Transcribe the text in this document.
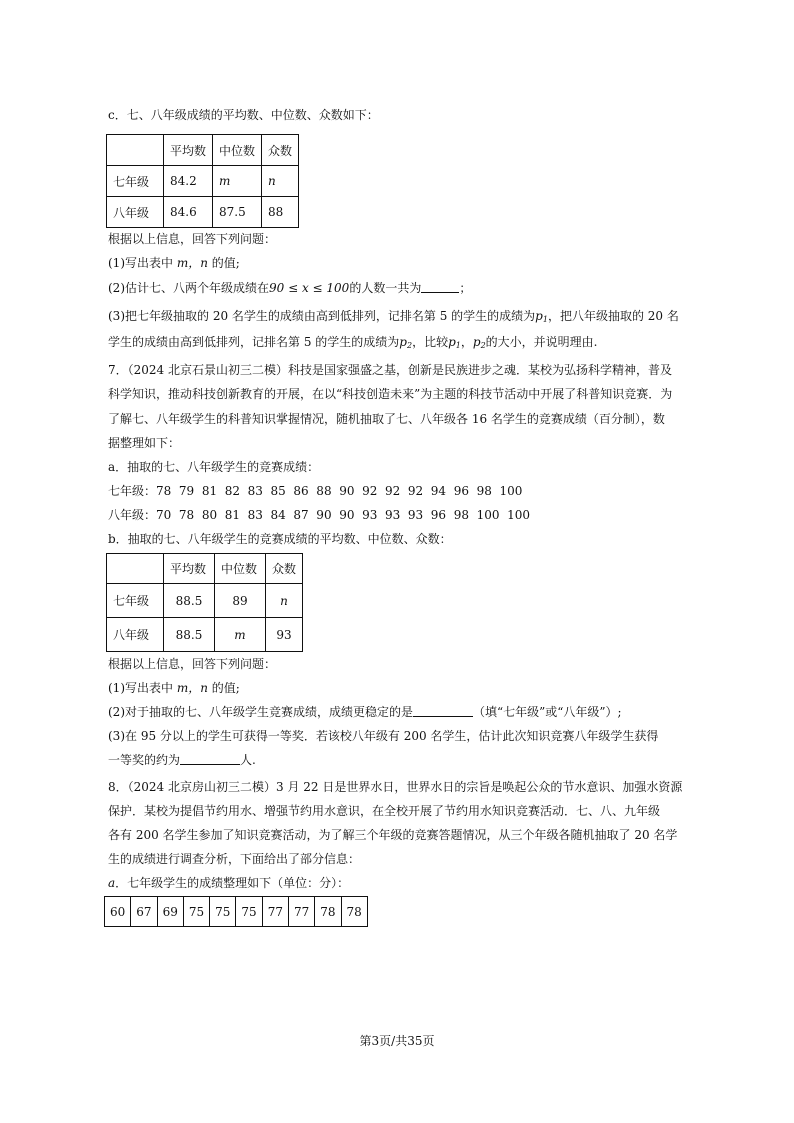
c．七、八年级成绩的平均数、中位数、众数如下：
	平均数	中位数	众数
七年级	84.2	m	n
八年级	84.6	87.5	88
根据以上信息，回答下列问题：
(1)写出表中 m，n 的值;
(2)估计七、八两个年级成绩在90 ≤ x ≤ 100的人数一共为	；
(3)把七年级抽取的 20 名学生的成绩由高到低排列，记排名第 5 的学生的成绩为$p_1$，把八年级抽取的 20 名
学生的成绩由高到低排列，记排名第 5 的学生的成绩为$p_2$，比较$p_1$，$p_2$的大小，并说明理由.
7．（2024 北京石景山初三二模）科技是国家强盛之基，创新是民族进步之魂．某校为弘扬科学精神，普及
科学知识，推动科技创新教育的开展，在以“科技创造未来”为主题的科技节活动中开展了科普知识竞赛．为
了解七、八年级学生的科普知识掌握情况，随机抽取了七、八年级各 16 名学生的竞赛成绩（百分制），数
据整理如下：
a．抽取的七、八年级学生的竞赛成绩：
七年级：78  79  81  82  83  85  86  88  90  92  92  92  94  96  98  100
八年级：70  78  80  81  83  84  87  90  90  93  93  93  96  98  100  100
b．抽取的七、八年级学生的竞赛成绩的平均数、中位数、众数：
	平均数	中位数	众数
七年级	88.5	89	n
八年级	88.5	m	93
根据以上信息，回答下列问题：
(1)写出表中 m，n 的值;
(2)对于抽取的七、八年级学生竞赛成绩，成绩更稳定的是	（填“七年级”或“八年级”）;
(3)在 95 分以上的学生可获得一等奖．若该校八年级有 200 名学生，估计此次知识竞赛八年级学生获得
一等奖的约为	人.
8．（2024 北京房山初三二模）3 月 22 日是世界水日，世界水日的宗旨是唤起公众的节水意识、加强水资源
保护．某校为提倡节约用水、增强节约用水意识，在全校开展了节约用水知识竞赛活动．七、八、九年级
各有 200 名学生参加了知识竞赛活动，为了解三个年级的竞赛答题情况，从三个年级各随机抽取了 20 名学
生的成绩进行调查分析，下面给出了部分信息：
a．七年级学生的成绩整理如下（单位：分）：
60	67	69	75	75	75	77	77	78	78
第3页/共35页
